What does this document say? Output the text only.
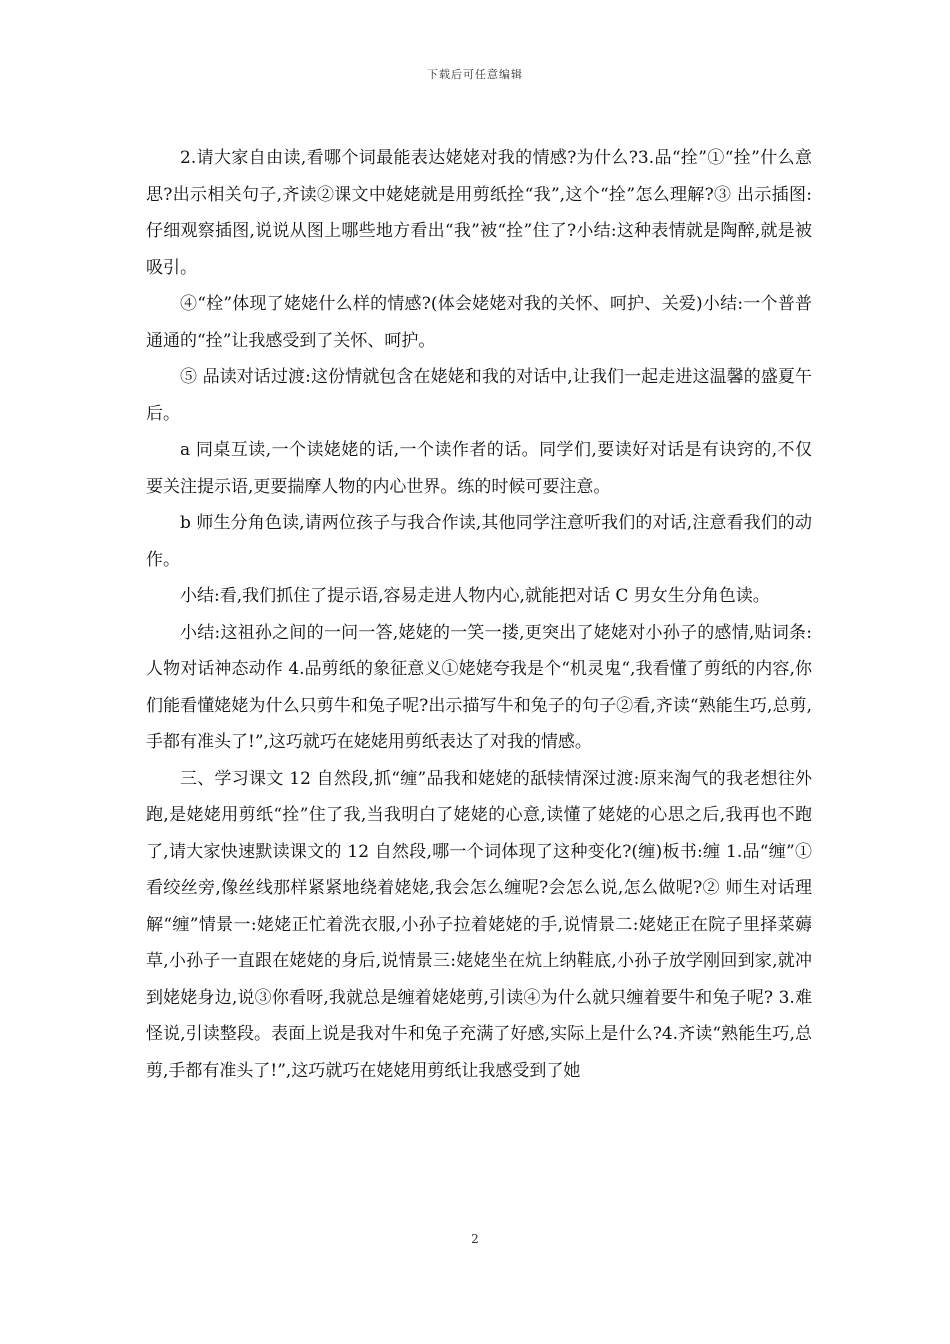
下载后可任意编辑

2.请大家自由读,看哪个词最能表达姥姥对我的情感?为什么?3.品“拴”①“拴”什么意思?出示相关句子,齐读②课文中姥姥就是用剪纸拴“我”,这个“拴”怎么理解?③ 出示插图:仔细观察插图,说说从图上哪些地方看出“我”被“拴”住了?小结:这种表情就是陶醉,就是被吸引。

④“栓”体现了姥姥什么样的情感?(体会姥姥对我的关怀、呵护、关爱)小结:一个普普通通的“拴”让我感受到了关怀、呵护。

⑤ 品读对话过渡:这份情就包含在姥姥和我的对话中,让我们一起走进这温馨的盛夏午后。

a 同桌互读,一个读姥姥的话,一个读作者的话。同学们,要读好对话是有诀窍的,不仅要关注提示语,更要揣摩人物的内心世界。练的时候可要注意。

b 师生分角色读,请两位孩子与我合作读,其他同学注意听我们的对话,注意看我们的动作。

小结:看,我们抓住了提示语,容易走进人物内心,就能把对话 C 男女生分角色读。

小结:这祖孙之间的一问一答,姥姥的一笑一搂,更突出了姥姥对小孙子的感情,贴词条:人物对话神态动作 4.品剪纸的象征意义①姥姥夸我是个“机灵鬼“,我看懂了剪纸的内容,你们能看懂姥姥为什么只剪牛和兔子呢?出示描写牛和兔子的句子②看,齐读“熟能生巧,总剪,手都有准头了!”,这巧就巧在姥姥用剪纸表达了对我的情感。

三、学习课文 12 自然段,抓“缠”品我和姥姥的舐犊情深过渡:原来淘气的我老想往外跑,是姥姥用剪纸“拴”住了我,当我明白了姥姥的心意,读懂了姥姥的心思之后,我再也不跑了,请大家快速默读课文的 12 自然段,哪一个词体现了这种变化?(缠)板书:缠 1.品“缠”①看绞丝旁,像丝线那样紧紧地绕着姥姥,我会怎么缠呢?会怎么说,怎么做呢?② 师生对话理解“缠”情景一:姥姥正忙着洗衣服,小孙子拉着姥姥的手,说情景二:姥姥正在院子里择菜薅草,小孙子一直跟在姥姥的身后,说情景三:姥姥坐在炕上纳鞋底,小孙子放学刚回到家,就冲到姥姥身边,说③你看呀,我就总是缠着姥姥剪,引读④为什么就只缠着要牛和兔子呢? 3.难怪说,引读整段。表面上说是我对牛和兔子充满了好感,实际上是什么?4.齐读“熟能生巧,总剪,手都有准头了!”,这巧就巧在姥姥用剪纸让我感受到了她

2
